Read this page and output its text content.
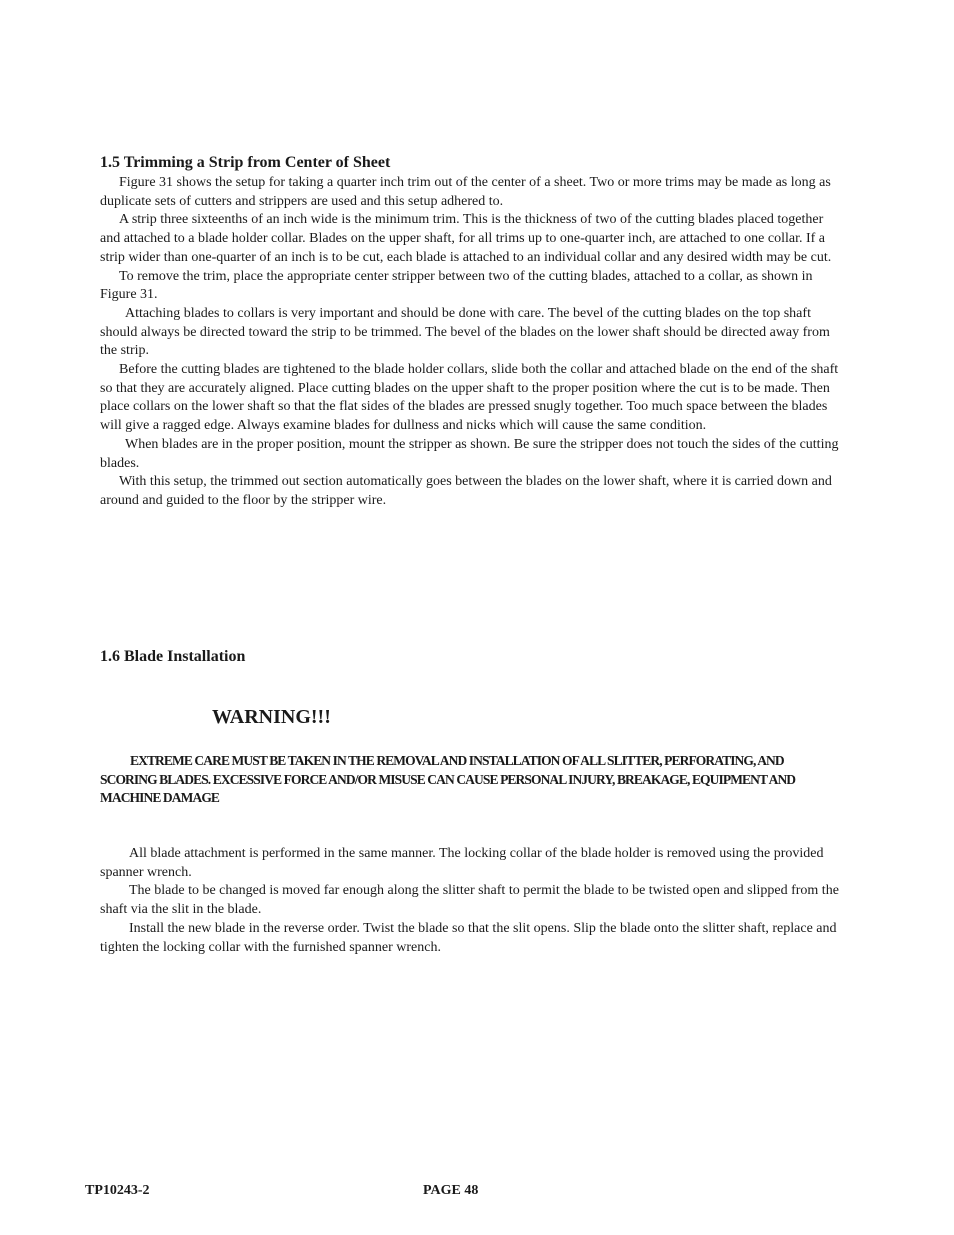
1.5 Trimming a Strip from Center of Sheet

Figure 31 shows the setup for taking a quarter inch trim out of the center of a sheet. Two or more trims may be made as long as duplicate sets of cutters and strippers are used and this setup adhered to.

A strip three sixteenths of an inch wide is the minimum trim. This is the thickness of two of the cutting blades placed together and attached to a blade holder collar. Blades on the upper shaft, for all trims up to one-quarter inch, are attached to one collar. If a strip wider than one-quarter of an inch is to be cut, each blade is attached to an individual collar and any desired width may be cut.

To remove the trim, place the appropriate center stripper between two of the cutting blades, attached to a collar, as shown in Figure 31.

Attaching blades to collars is very important and should be done with care. The bevel of the cutting blades on the top shaft should always be directed toward the strip to be trimmed. The bevel of the blades on the lower shaft should be directed away from the strip.

Before the cutting blades are tightened to the blade holder collars, slide both the collar and attached blade on the end of the shaft so that they are accurately aligned. Place cutting blades on the upper shaft to the proper position where the cut is to be made. Then place collars on the lower shaft so that the flat sides of the blades are pressed snugly together. Too much space between the blades will give a ragged edge. Always examine blades for dullness and nicks which will cause the same condition.

When blades are in the proper position, mount the stripper as shown. Be sure the stripper does not touch the sides of the cutting blades.

With this setup, the trimmed out section automatically goes between the blades on the lower shaft, where it is carried down and around and guided to the floor by the stripper wire.

1.6 Blade Installation
WARNING!!!

EXTREME CARE MUST BE TAKEN IN THE REMOVAL AND INSTALLATION OF ALL SLITTER, PERFORATING, AND SCORING BLADES. EXCESSIVE FORCE AND/OR MISUSE CAN CAUSE PERSONAL INJURY, BREAKAGE, EQUIPMENT AND MACHINE DAMAGE

All blade attachment is performed in the same manner. The locking collar of the blade holder is removed using the provided spanner wrench.

The blade to be changed is moved far enough along the slitter shaft to permit the blade to be twisted open and slipped from the shaft via the slit in the blade.

Install the new blade in the reverse order. Twist the blade so that the slit opens. Slip the blade onto the slitter shaft, replace and tighten the locking collar with the furnished spanner wrench.

TP10243-2	PAGE 48
